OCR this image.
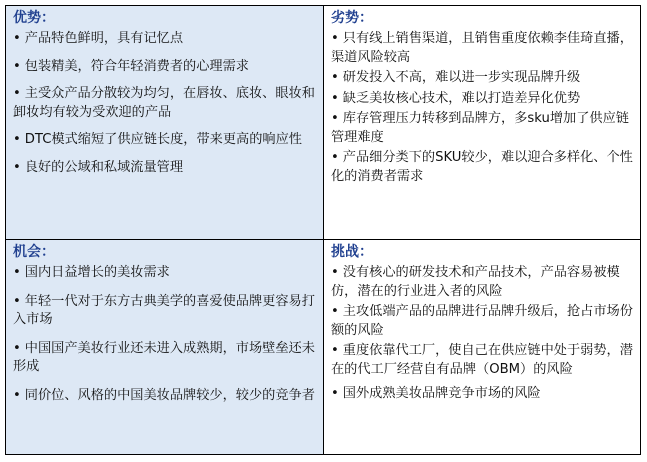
优势：
• 产品特色鲜明，具有记忆点
• 包装精美，符合年轻消费者的心理需求
• 主受众产品分散较为均匀，在唇妆、底妆、眼妆和卸妆均有较为受欢迎的产品
• DTC模式缩短了供应链长度，带来更高的响应性
• 良好的公域和私域流量管理
劣势：
• 只有线上销售渠道，且销售重度依赖李佳琦直播，渠道风险较高
• 研发投入不高，难以进一步实现品牌升级
• 缺乏美妆核心技术，难以打造差异化优势
• 库存管理压力转移到品牌方，多sku增加了供应链管理难度
• 产品细分类下的SKU较少，难以迎合多样化、个性化的消费者需求
机会：
• 国内日益增长的美妆需求
• 年轻一代对于东方古典美学的喜爱使品牌更容易打入市场
• 中国国产美妆行业还未进入成熟期，市场壁垒还未形成
• 同价位、风格的中国美妆品牌较少，较少的竞争者
挑战：
• 没有核心的研发技术和产品技术，产品容易被模仿，潜在的行业进入者的风险
• 主攻低端产品的品牌进行品牌升级后，抢占市场份额的风险
• 重度依靠代工厂，使自己在供应链中处于弱势，潜在的代工厂经营自有品牌（OBM）的风险
• 国外成熟美妆品牌竞争市场的风险
